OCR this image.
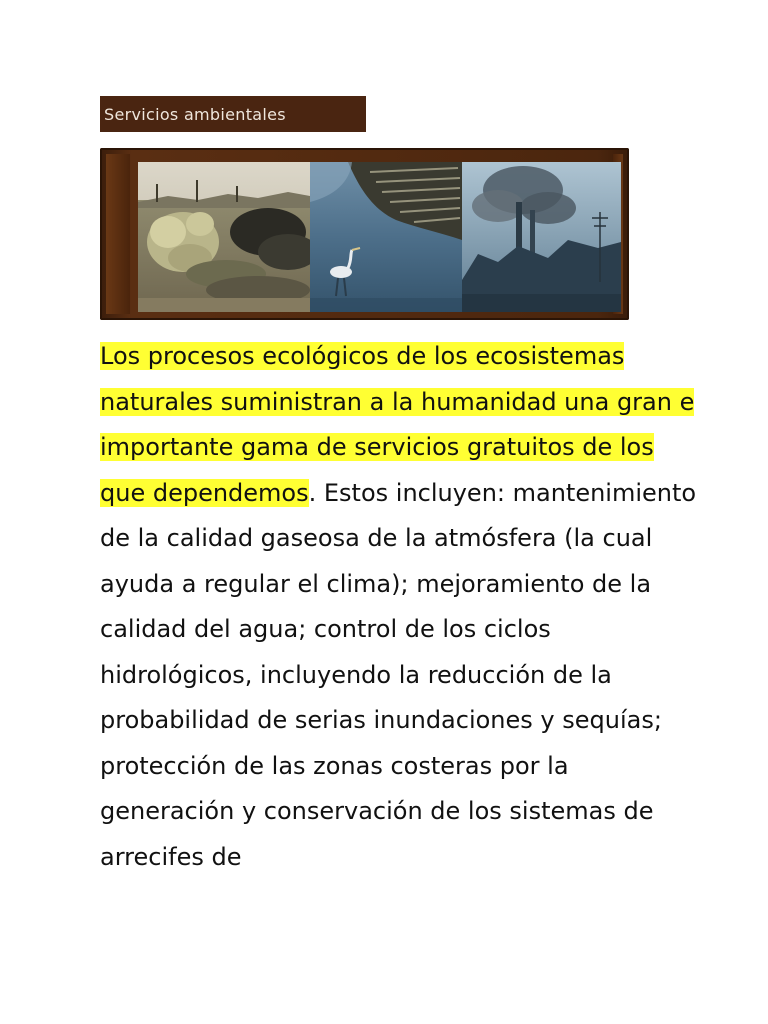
Servicios ambientales
Los procesos ecológicos de los ecosistemas naturales suministran a la humanidad una gran e importante gama de servicios gratuitos de los que dependemos. Estos incluyen: mantenimiento de la calidad gaseosa de la atmósfera (la cual ayuda a regular el clima); mejoramiento de la calidad del agua; control de los ciclos hidrológicos, incluyendo la reducción de la probabilidad de serias inundaciones y sequías; protección de las zonas costeras por la generación y conservación de los sistemas de arrecifes de
